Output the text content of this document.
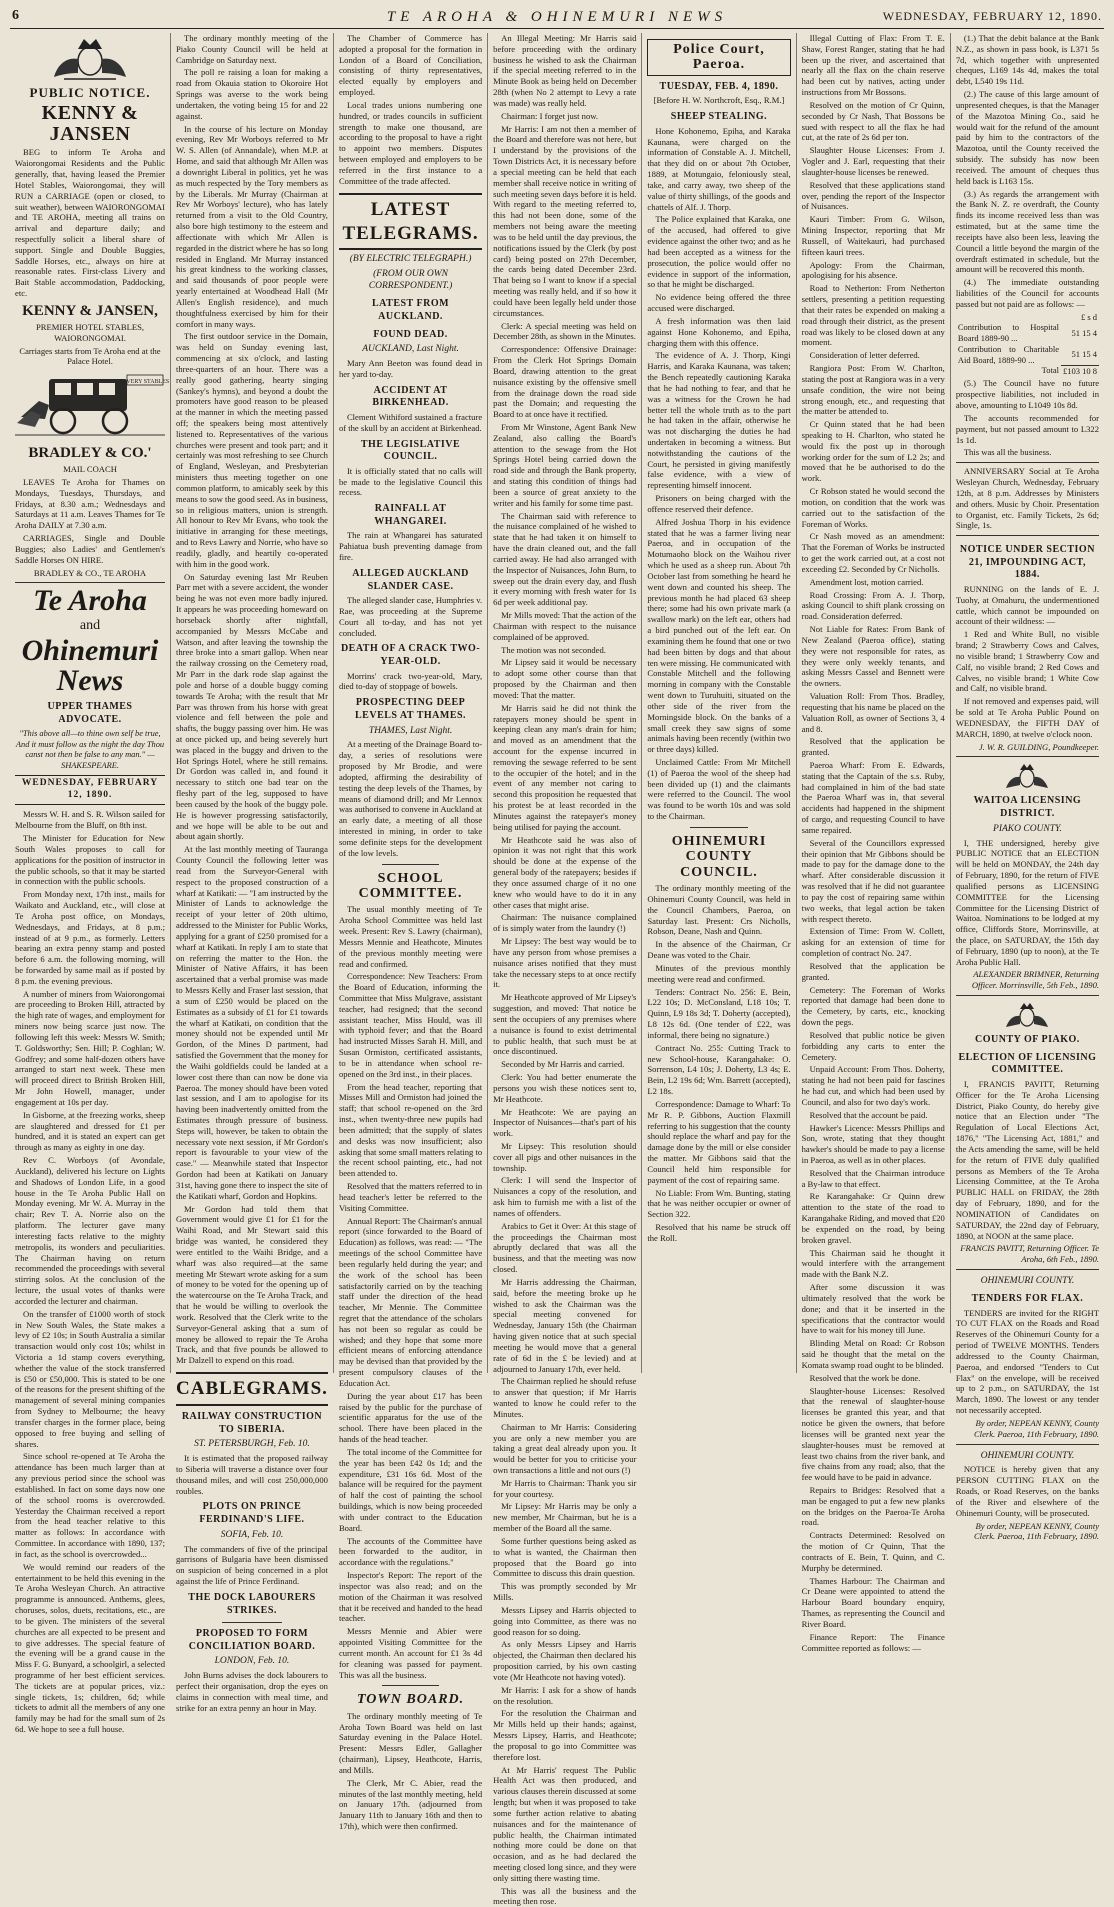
6	TE AROHA & OHINEMURI NEWS	WEDNESDAY, FEBRUARY 12, 1890.
PUBLIC NOTICE.
KENNY & JANSEN

BEG to inform Te Aroha and Waiorongomai Residents and the Public generally, that, having leased the Premier Hotel Stables, Waiorongomai, they will RUN a CARRIAGE (open or closed, to suit weather), between WAIORONGOMAI and TE AROHA, meeting all trains on arrival and departure daily; and respectfully solicit a liberal share of support. Single and Double Buggies, Saddle Horses, etc., always on hire at reasonable rates. First-class Livery and Bait Stable accommodation, Paddocking, etc.

KENNY & JANSEN,

PREMIER HOTEL STABLES, WAIORONGOMAI.

Carriages starts from Te Aroha end at the Palace Hotel.

LIVERY STABLES
BRADLEY & CO.'

MAIL COACH

LEAVES Te Aroha for Thames on Mondays, Tuesdays, Thursdays, and Fridays, at 8.30 a.m.; Wednesdays and Saturdays at 11 a.m. Leaves Thames for Te Aroha DAILY at 7.30 a.m.

CARRIAGES, Single and Double Buggies; also Ladies' and Gentlemen's Saddle Horses ON HIRE.

BRADLEY & CO., TE AROHA

Te Aroha
and
Ohinemuri News
UPPER THAMES ADVOCATE.
"This above all—to thine own self be true, And it must follow as the night the day Thou canst not then be false to any man." — SHAKESPEARE.
WEDNESDAY, FEBRUARY 12, 1890.

Messrs W. H. and S. R. Wilson sailed for Melbourne from the Bluff, on 8th inst.

The Minister for Education for New South Wales proposes to call for applications for the position of instructor in the public schools, so that it may be started in connection with the public schools.

From Monday next, 17th inst., mails for Waikato and Auckland, etc., will close at Te Aroha post office, on Mondays, Wednesdays, and Fridays, at 8 p.m.; instead of at 9 p.m., as formerly. Letters bearing an extra penny stamp and posted before 6 a.m. the following morning, will be forwarded by same mail as if posted by 8 p.m. the evening previous.

A number of miners from Waiorongomai are proceeding to Broken Hill, attracted by the high rate of wages, and employment for miners now being scarce just now. The following left this week: Messrs W. Smith; T. Goldsworthy; Sen. Hill; P. Coghlan; W. Godfrey; and some half-dozen others have arranged to start next week. These men will proceed direct to British Broken Hill, Mr John Howell, manager, under engagement at 10s per day.

In Gisborne, at the freezing works, sheep are slaughtered and dressed for £1 per hundred, and it is stated an expert can get through as many as eighty in one day.

Rev C. Worboys (of Avondale, Auckland), delivered his lecture on Lights and Shadows of London Life, in a good house in the Te Aroha Public Hall on Monday evening. Mr W. A. Murray in the chair; Rev T. A. Norrie also on the platform. The lecturer gave many interesting facts relative to the mighty metropolis, its wonders and peculiarities. The Chairman having on return recommended the proceedings with several stirring solos. At the conclusion of the lecture, the usual votes of thanks were accorded the lecturer and chairman.

On the transfer of £1000 worth of stock in New South Wales, the State makes a levy of £2 10s; in South Australia a similar transaction would only cost 10s; whilst in Victoria a 1d stamp covers everything, whether the value of the stock transferred is £50 or £50,000. This is stated to be one of the reasons for the present shifting of the management of several mining companies from Sydney to Melbourne; the heavy transfer charges in the former place, being opposed to free buying and selling of shares.

Since school re-opened at Te Aroha the attendance has been much larger than at any previous period since the school was established. In fact on some days now one of the school rooms is overcrowded. Yesterday the Chairman received a report from the head teacher relative to this matter as follows: In accordance with Committee. In accordance with 1890, 137; in fact, as the school is overcrowded...

We would remind our readers of the entertainment to be held this evening in the Te Aroha Wesleyan Church. An attractive programme is announced. Anthems, glees, choruses, solos, duets, recitations, etc., are to be given. The ministers of the several churches are all expected to be present and to give addresses. The special feature of the evening will be a grand cause in the Miss F. G. Bunyard, a schoolgirl, a selected programme of her best efficient services. The tickets are at popular prices, viz.: single tickets, 1s; children, 6d; while tickets to admit all the members of any one family may be had for the small sum of 2s 6d. We hope to see a full house.

The ordinary monthly meeting of the Piako County Council will be held at Cambridge on Saturday next.

The poll re raising a loan for making a road from Okauia station to Okoroire Hot Springs was averse to the work being undertaken, the voting being 15 for and 22 against.

In the course of his lecture on Monday evening, Rev Mr Worboys referred to Mr W. S. Allen (of Annandale), when M.P. at Home, and said that although Mr Allen was a downright Liberal in politics, yet he was as much respected by the Tory members as by the Liberals. Mr Murray (Chairman at Rev Mr Worboys' lecture), who has lately returned from a visit to the Old Country, also bore high testimony to the esteem and affectionate with which Mr Allen is regarded in the district where he has so long resided in England. Mr Murray instanced his great kindness to the working classes, and said thousands of poor people were yearly entertained at Woodhead Hall (Mr Allen's English residence), and much thoughtfulness exercised by him for their comfort in many ways.

The first outdoor service in the Domain, was held on Sunday evening last, commencing at six o'clock, and lasting three-quarters of an hour. There was a really good gathering, hearty singing (Sankey's hymns), and beyond a doubt the promoters have good reason to be pleased at the manner in which the meeting passed off; the speakers being most attentively listened to. Representatives of the various churches were present and took part; and it certainly was most refreshing to see Church of England, Wesleyan, and Presbyterian ministers thus meeting together on one common platform, to amicably seek by this means to sow the good seed. As in business, so in religious matters, union is strength. All honour to Rev Mr Evans, who took the initiative in arranging for these meetings, and to Revs Lawry and Norrie, who have so readily, gladly, and heartily co-operated with him in the good work.

On Saturday evening last Mr Reuben Parr met with a severe accident, the wonder being he was not even more badly injured. It appears he was proceeding homeward on horseback shortly after nightfall, accompanied by Messrs McCabe and Watson, and after leaving the township the three broke into a smart gallop. When near the railway crossing on the Cemetery road, Mr Parr in the dark rode slap against the pole and horse of a double buggy coming towards Te Aroha; with the result that Mr Parr was thrown from his horse with great violence and fell between the pole and shafts, the buggy passing over him. He was at once picked up, and being severely hurt was placed in the buggy and driven to the Hot Springs Hotel, where he still remains. Dr Gordon was called in, and found it necessary to stitch one bad tear on the fleshy part of the leg, supposed to have been caused by the hook of the buggy pole. He is however progressing satisfactorily, and we hope will be able to be out and about again shortly.

At the last monthly meeting of Tauranga County Council the following letter was read from the Surveyor-General with respect to the proposed construction of a wharf at Katikati: — "I am instructed by the Minister of Lands to acknowledge the receipt of your letter of 20th ultimo, addressed to the Minister for Public Works, applying for a grant of £250 promised for a wharf at Katikati. In reply I am to state that on referring the matter to the Hon. the Minister of Native Affairs, it has been ascertained that a verbal promise was made to Messrs Kelly and Fraser last session, that a sum of £250 would be placed on the Estimates as a subsidy of £1 for £1 towards the wharf at Katikati, on condition that the money should not be expended until Mr Gordon, of the Mines D partment, had satisfied the Government that the money for the Waihi goldfields could be landed at a lower cost there than can now be done via Paeroa. The money should have been voted last session, and I am to apologise for its having been inadvertently omitted from the Estimates through pressure of business. Steps will, however, be taken to obtain the necessary vote next session, if Mr Gordon's report is favourable to your view of the case." — Meanwhile stated that Inspector Gordon had been at Katikati on January 31st, having gone there to inspect the site of the Katikati wharf, Gordon and Hopkins.

Mr Gordon had told them that Government would give £1 for £1 for the Waihi Road, and Mr Stewart said this bridge was wanted, he considered they were entitled to the Waihi Bridge, and a wharf was also required—at the same meeting Mr Stewart wrote asking for a sum of money to be voted for the opening up of the watercourse on the Te Aroha Track, and that he would be willing to overlook the work. Resolved that the Clerk write to the Surveyor-General asking that a sum of money be allowed to repair the Te Aroha Track, and that five pounds be allowed to Mr Dalzell to expend on this road.

CABLEGRAMS.
RAILWAY CONSTRUCTION TO SIBERIA.
ST. PETERSBURGH, Feb. 10.

It is estimated that the proposed railway to Siberia will traverse a distance over four thousand miles, and will cost 250,000,000 roubles.

PLOTS ON PRINCE FERDINAND'S LIFE.
SOFIA, Feb. 10.

The commanders of five of the principal garrisons of Bulgaria have been dismissed on suspicion of being concerned in a plot against the life of Prince Ferdinand.

THE DOCK LABOURERS STRIKES.
PROPOSED TO FORM CONCILIATION BOARD.
LONDON, Feb. 10.

John Burns advises the dock labourers to perfect their organisation, drop the eyes on claims in connection with meal time, and strike for an extra penny an hour in May.

The Chamber of Commerce has adopted a proposal for the formation in London of a Board of Conciliation, consisting of thirty representatives, elected equally by employers and employed.

Local trades unions numbering one hundred, or trades councils in sufficient strength to make one thousand, are according to the proposal to have a right to appoint two members. Disputes between employed and employers to be referred in the first instance to a Committee of the trade affected.

LATEST TELEGRAMS.
(BY ELECTRIC TELEGRAPH.)
(FROM OUR OWN CORRESPONDENT.)
LATEST FROM AUCKLAND.
FOUND DEAD.
AUCKLAND, Last Night.

Mary Ann Beeton was found dead in her yard to-day.

ACCIDENT AT BIRKENHEAD.

Clement Withiford sustained a fracture of the skull by an accident at Birkenhead.

THE LEGISLATIVE COUNCIL.

It is officially stated that no calls will be made to the legislative Council this recess.

RAINFALL AT WHANGAREI.

The rain at Whangarei has saturated Pahiatua bush preventing damage from fire.

ALLEGED AUCKLAND SLANDER CASE.

The alleged slander case, Humphries v. Rae, was proceeding at the Supreme Court all to-day, and has not yet concluded.

DEATH OF A CRACK TWO-YEAR-OLD.

Morrins' crack two-year-old, Mary, died to-day of stoppage of bowels.

PROSPECTING DEEP LEVELS AT THAMES.
THAMES, Last Night.

At a meeting of the Drainage Board to-day, a series of resolutions were proposed by Mr Brodie, and were adopted, affirming the desirability of testing the deep levels of the Thames, by means of diamond drill; and Mr Lennox was authorised to convene in Auckland at an early date, a meeting of all those interested in mining, in order to take some definite steps for the development of the low levels.

SCHOOL COMMITTEE.

The usual monthly meeting of Te Aroha School Committee was held last week. Present: Rev S. Lawry (chairman), Messrs Mennie and Heathcote, Minutes of the previous monthly meeting were read and confirmed.

Correspondence: New Teachers: From the Board of Education, informing the Committee that Miss Mulgrave, assistant teacher, had resigned; that the second assistant teacher, Miss Hould, was ill with typhoid fever; and that the Board had instructed Misses Sarah H. Mill, and Susan Ormiston, certificated assistants, to be in attendance when school re-opened on the 3rd inst., in their places.

From the head teacher, reporting that Misses Mill and Ormiston had joined the staff; that school re-opened on the 3rd inst., when twenty-three new pupils had been admitted; that the supply of slates and desks was now insufficient; also asking that some small matters relating to the recent school painting, etc., had not been attended to.

Resolved that the matters referred to in head teacher's letter be referred to the Visiting Committee.

Annual Report: The Chairman's annual report (since forwarded to the Board of Education) as follows, was read: — "The meetings of the school Committee have been regularly held during the year; and the work of the school has been satisfactorily carried on by the teaching staff under the direction of the head teacher, Mr Mennie. The Committee regret that the attendance of the scholars has not been so regular as could be wished; and they hope that some more efficient means of enforcing attendance may be devised than that provided by the present compulsory clauses of the Education Act.

During the year about £17 has been raised by the public for the purchase of scientific apparatus for the use of the school. There have been placed in the hands of the head teacher.

The total income of the Committee for the year has been £42 0s 1d; and the expenditure, £31 16s 6d. Most of the balance will be required for the payment of half the cost of painting the school buildings, which is now being proceeded with under contract to the Education Board.

The accounts of the Committee have been forwarded to the auditor, in accordance with the regulations."

Inspector's Report: The report of the inspector was also read; and on the motion of the Chairman it was resolved that it be received and handed to the head teacher.

Messrs Mennie and Abier were appointed Visiting Committee for the current month. An account for £1 3s 4d for cleaning was passed for payment. This was all the business.

TOWN BOARD.

The ordinary monthly meeting of Te Aroha Town Board was held on last Saturday evening in the Palace Hotel. Present: Messrs Edler, Gallagher (chairman), Lipsey, Heathcote, Harris, and Mills.

The Clerk, Mr C. Abier, read the minutes of the last monthly meeting, held on January 17th. (adjourned from January 11th to January 16th and then to 17th), which were then confirmed.

An Illegal Meeting: Mr Harris said before proceeding with the ordinary business he wished to ask the Chairman if the special meeting referred to in the Minute Book as being held on December 28th (when No 2 attempt to Levy a rate was made) was really held.

Chairman: I forget just now.

Mr Harris: I am not then a member of the Board and therefore was not here, but I understand by the provisions of the Town Districts Act, it is necessary before a special meeting can be held that each member shall receive notice in writing of such meeting seven days before it is held. With regard to the meeting referred to, this had not been done, some of the members not being aware the meeting was to be held until the day previous, the notifications issued by the Clerk (by post card) being posted on 27th December, the cards being dated December 23rd. That being so I want to know if a special meeting was really held, and if so how it could have been legally held under those circumstances.

Clerk: A special meeting was held on December 28th, as shown in the Minutes.

Correspondence: Offensive Drainage: From the Clerk Hot Springs Domain Board, drawing attention to the great nuisance existing by the offensive smell from the drainage down the road side past the Domain; and requesting the Board to at once have it rectified.

From Mr Winstone, Agent Bank New Zealand, also calling the Board's attention to the sewage from the Hot Springs Hotel being carried down the road side and through the Bank property, and stating this condition of things had been a source of great anxiety to the writer and his family for some time past.

The Chairman said with reference to the nuisance complained of he wished to state that he had taken it on himself to have the drain cleaned out, and the fall carried away. He had also arranged with the Inspector of Nuisances, John Burn, to sweep out the drain every day, and flush it every morning with fresh water for 1s 6d per week additional pay.

Mr Mills moved: That the action of the Chairman with respect to the nuisance complained of be approved.

The motion was not seconded.

Mr Lipsey said it would be necessary to adopt some other course than that proposed by the Chairman and then moved: That the matter.

Mr Harris said he did not think the ratepayers money should be spent in keeping clean any man's drain for him; and moved as an amendment that the account for the expense incurred in removing the sewage referred to be sent to the occupier of the hotel; and in the event of any member not caring to second this proposition he requested that his protest be at least recorded in the Minutes against the ratepayer's money being utilised for paying the account.

Mr Heathcote said he was also of opinion it was not right that this work should be done at the expense of the general body of the ratepayers; besides if they once assumed charge of it no one knew who would have to do it in any other cases that might arise.

Chairman: The nuisance complained of is simply water from the laundry (!)

Mr Lipsey: The best way would be to have any person from whose premises a nuisance arises notified that they must take the necessary steps to at once rectify it.

Mr Heathcote approved of Mr Lipsey's suggestion, and moved: That notice be sent the occupiers of any premises where a nuisance is found to exist detrimental to public health, that such must be at once discontinued.

Seconded by Mr Harris and carried.

Clerk: You had better enumerate the persons you wish these notices sent to, Mr Heathcote.

Mr Heathcote: We are paying an Inspector of Nuisances—that's part of his work.

Mr Lipsey: This resolution should cover all pigs and other nuisances in the township.

Clerk: I will send the Inspector of Nuisances a copy of the resolution, and ask him to furnish me with a list of the names of offenders.

Arabics to Get it Over: At this stage of the proceedings the Chairman most abruptly declared that was all the business, and that the meeting was now closed.

Mr Harris addressing the Chairman, said, before the meeting broke up he wished to ask the Chairman was the special meeting convened for Wednesday, January 15th (the Chairman having given notice that at such special meeting he would move that a general rate of 6d in the £ be levied) and at adjourned to January 17th, ever held.

The Chairman replied he should refuse to answer that question; if Mr Harris wanted to know he could refer to the Minutes.

Chairman to Mr Harris: Considering you are only a new member you are taking a great deal already upon you. It would be better for you to criticise your own transactions a little and not ours (!)

Mr Harris to Chairman: Thank you sir for your courtesy.

Mr Lipsey: Mr Harris may be only a new member, Mr Chairman, but he is a member of the Board all the same.

Some further questions being asked as to what is wanted, the Chairman then proposed that the Board go into Committee to discuss this drain question.

This was promptly seconded by Mr Mills.

Messrs Lipsey and Harris objected to going into Committee, as there was no good reason for so doing.

As only Messrs Lipsey and Harris objected, the Chairman then declared his proposition carried, by his own casting vote (Mr Heathcote not having voted).

Mr Harris: I ask for a show of hands on the resolution.

For the resolution the Chairman and Mr Mills held up their hands; against, Messrs Lipsey, Harris, and Heathcote; the proposal to go into Committee was therefore lost.

At Mr Harris' request The Public Health Act was then produced, and various clauses therein discussed at some length; but when it was proposed to take some further action relative to abating nuisances and for the maintenance of public health, the Chairman intimated nothing more could be done on that occasion, and as he had declared the meeting closed long since, and they were only sitting there wasting time.

This was all the business and the meeting then rose.

Police Court, Paeroa.
TUESDAY, FEB. 4, 1890.

[Before H. W. Northcroft, Esq., R.M.]

SHEEP STEALING.

Hone Kohonemo, Epiha, and Karaka Kaunana, were charged on the information of Constable A. J. Mitchell, that they did on or about 7th October, 1889, at Motungaio, feloniously steal, take, and carry away, two sheep of the value of thirty shillings, of the goods and chattels of Alf. J. Thorp.

The Police explained that Karaka, one of the accused, had offered to give evidence against the other two; and as he had been accepted as a witness for the prosecution, the police would offer no evidence in support of the information, so that he might be discharged.

No evidence being offered the three accused were discharged.

A fresh information was then laid against Hone Kohonemo, and Epiha, charging them with this offence.

The evidence of A. J. Thorp, Kingi Harris, and Karaka Kaunana, was taken; the Bench repeatedly cautioning Karaka that he had nothing to fear, and that he was a witness for the Crown he had better tell the whole truth as to the part he had taken in the affair, otherwise he was not discharging the duties he had undertaken in becoming a witness. But notwithstanding the cautions of the Court, he persisted in giving manifestly false evidence, with a view of representing himself innocent.

Prisoners on being charged with the offence reserved their defence.

Alfred Joshua Thorp in his evidence stated that he was a farmer living near Paeroa, and in occupation of the Motumaoho block on the Waihou river which he used as a sheep run. About 7th October last from something he heard he went down and counted his sheep. The previous month he had placed 63 sheep there; some had his own private mark (a swallow mark) on the left ear, others had a bird punched out of the left ear. On examining them he found that one or two had been bitten by dogs and that about ten were missing. He communicated with Constable Mitchell and the following morning in company with the Constable went down to Turuhuiti, situated on the other side of the river from the Morningside block. On the banks of a small creek they saw signs of some animals having been recently (within two or three days) killed.

Unclaimed Cattle: From Mr Mitchell (1) of Paeroa the wool of the sheep had been divided up (1) and the claimants were referred to the Council. The wool was found to be worth 10s and was sold to the Chairman.

OHINEMURI COUNTY COUNCIL.

The ordinary monthly meeting of the Ohinemuri County Council, was held in the Council Chambers, Paeroa, on Saturday last. Present: Crs Nicholls, Robson, Deane, Nash and Quinn.

In the absence of the Chairman, Cr Deane was voted to the Chair.

Minutes of the previous monthly meeting were read and confirmed.

Tenders: Contract No. 256: E. Bein, L22 10s; D. McConsland, L18 10s; T. Quinn, L9 18s 3d; T. Doherty (accepted), L8 12s 6d. (One tender of £22, was informal, there being no signature.)

Contract No. 255: Cutting Track to new School-house, Karangahake: O. Sorrenson, L4 10s; J. Doherty, L3 4s; E. Bein, L2 19s 6d; Wm. Barrett (accepted), L2 18s.

Correspondence: Damage to Wharf: To Mr R. P. Gibbons, Auction Flaxmill referring to his suggestion that the county should replace the wharf and pay for the damage done by the mill or else consider the matter. Mr Gibbons said that the Council held him responsible for payment of the cost of repairing same.

No Liable: From Wm. Bunting, stating that he was neither occupier or owner of Section 322.

Resolved that his name be struck off the Roll.

Illegal Cutting of Flax: From T. E. Shaw, Forest Ranger, stating that he had been up the river, and ascertained that nearly all the flax on the chain reserve had been cut by natives, acting under instructions from Mr Bossons.

Resolved on the motion of Cr Quinn, seconded by Cr Nash, That Bossons be sued with respect to all the flax he had cut, at the rate of 2s 6d per ton.

Slaughter House Licenses: From J. Vogler and J. Earl, requesting that their slaughter-house licenses be renewed.

Resolved that these applications stand over, pending the report of the Inspector of Nuisances.

Kauri Timber: From G. Wilson, Mining Inspector, reporting that Mr Russell, of Waitekauri, had purchased fifteen kauri trees.

Apology: From the Chairman, apologising for his absence.

Road to Netherton: From Netherton settlers, presenting a petition requesting that their rates be expended on making a road through their district, as the present road was likely to be closed down at any moment.

Consideration of letter deferred.

Rangiora Post: From W. Charlton, stating the post at Rangiora was in a very unsafe condition, the wire not being strong enough, etc., and requesting that the matter be attended to.

Cr Quinn stated that he had been speaking to H. Charlton, who stated he would fix the post up in thorough working order for the sum of L2 2s; and moved that he be authorised to do the work.

Cr Robson stated he would second the motion, on condition that the work was carried out to the satisfaction of the Foreman of Works.

Cr Nash moved as an amendment: That the Foreman of Works be instructed to get the work carried out, at a cost not exceeding £2. Seconded by Cr Nicholls.

Amendment lost, motion carried.

Road Crossing: From A. J. Thorp, asking Council to shift plank crossing on road. Consideration deferred.

Not Liable for Rates: From Bank of New Zealand (Paeroa office), stating they were not responsible for rates, as they were only weekly tenants, and asking Messrs Cassel and Bennett were the owners.

Valuation Roll: From Thos. Bradley, requesting that his name be placed on the Valuation Roll, as owner of Sections 3, 4 and 8.

Resolved that the application be granted.

Paeroa Wharf: From E. Edwards, stating that the Captain of the s.s. Ruby, had complained in him of the bad state the Paeroa Wharf was in, that several accidents had happened in the shipment of cargo, and requesting Council to have same repaired.

Several of the Councillors expressed their opinion that Mr Gibbons should be made to pay for the damage done to the wharf. After considerable discussion it was resolved that if he did not guarantee to pay the cost of repairing same within two weeks, that legal action be taken with respect thereto.

Extension of Time: From W. Collett, asking for an extension of time for completion of contract No. 247.

Resolved that the application be granted.

Cemetery: The Foreman of Works reported that damage had been done to the Cemetery, by carts, etc., knocking down the pegs.

Resolved that public notice be given forbidding any carts to enter the Cemetery.

Unpaid Account: From Thos. Doherty, stating he had not been paid for fascines he had cut, and which had been used by Council, and also for two day's work.

Resolved that the account be paid.

Hawker's Licence: Messrs Phillips and Son, wrote, stating that they thought hawker's should be made to pay a license in Paeroa, as well as in other places.

Resolved that the Chairman introduce a By-law to that effect.

Re Karangahake: Cr Quinn drew attention to the state of the road to Karangahake Riding, and moved that £20 be expended on the road, by being broken gravel.

This Chairman said he thought it would interfere with the arrangement made with the Bank N.Z.

After some discussion it was ultimately resolved that the work be done; and that it be inserted in the specifications that the contractor would have to wait for his money till June.

Blinding Metal on Road: Cr Robson said he thought that the metal on the Komata swamp road ought to be blinded.

Resolved that the work be done.

Slaughter-house Licenses: Resolved that the renewal of slaughter-house licenses be granted this year, and that notice be given the owners, that before licenses will be granted next year the slaughter-houses must be removed at least two chains from the river bank, and five chains from any road; also, that the fee would have to be paid in advance.

Repairs to Bridges: Resolved that a man be engaged to put a few new planks on the bridges on the Paeroa-Te Aroha road.

Contracts Determined: Resolved on the motion of Cr Quinn, That the contracts of E. Bein, T. Quinn, and C. Murphy be determined.

Thames Harbour: The Chairman and Cr Deane were appointed to attend the Harbour Board boundary enquiry, Thames, as representing the Council and River Board.

Finance Report: The Finance Committee reported as follows: —

(1.) That the debit balance at the Bank N.Z., as shown in pass book, is L371 5s 7d, which together with unpresented cheques, L169 14s 4d, makes the total debt, L540 19s 11d.

(2.) The cause of this large amount of unpresented cheques, is that the Manager of the Mazotoa Mining Co., said he would wait for the refund of the amount paid by him to the contractors of the Mazotoa, until the County received the subsidy. The subsidy has now been received. The amount of cheques thus held back is L163 15s.

(3.) As regards the arrangement with the Bank N. Z. re overdraft, the County finds its income received less than was estimated, but at the same time the receipts have also been less, leaving the Council a little beyond the margin of the overdraft estimated in schedule, but the amount will be recovered this month.

(4.) The immediate outstanding liabilities of the Council for accounts passed but not paid are as follows: —

	£ s d
Contribution to Hospital Board 1889-90 ...	51 15 4
Contribution to Charitable Aid Board, 1889-90 ...	51 15 4
Total	£103 10 8

(5.) The Council have no future prospective liabilities, not included in above, amounting to L1049 10s 8d.

The accounts recommended for payment, but not passed amount to L322 1s 1d.

This was all the business.

ANNIVERSARY Social at Te Aroha Wesleyan Church, Wednesday, February 12th, at 8 p.m. Addresses by Ministers and others. Music by Choir. Presentation to Organist, etc. Family Tickets, 2s 6d; Single, 1s.

NOTICE UNDER SECTION 21, IMPOUNDING ACT, 1884.

RUNNING on the lands of E. J. Tuohy, at Omahuru, the undermentioned cattle, which cannot be impounded on account of their wildness: —

1 Red and White Bull, no visible brand; 2 Strawberry Cows and Calves, no visible brand; 1 Strawberry Cow and Calf, no visible brand; 2 Red Cows and Calves, no visible brand; 1 White Cow and Calf, no visible brand.

If not removed and expenses paid, will be sold at Te Aroha Public Pound on WEDNESDAY, the FIFTH DAY of MARCH, 1890, at twelve o'clock noon.

J. W. R. GUILDING, Poundkeeper.

WAITOA LICENSING DISTRICT.
PIAKO COUNTY.

I, THE undersigned, hereby give PUBLIC NOTICE that an ELECTION will be held on MONDAY, the 24th day of February, 1890, for the return of FIVE qualified persons as LICENSING COMMITTEE for the Licensing Committee for the Licensing District of Waitoa. Nominations to be lodged at my office, Cliffords Store, Morrinsville, at the place, on SATURDAY, the 15th day of February, 1890 (up to noon), at the Te Aroha Public Hall.

ALEXANDER BRIMNER, Returning Officer. Morrinsville, 5th Feb., 1890.

COUNTY OF PIAKO.
ELECTION OF LICENSING COMMITTEE.

I, FRANCIS PAVITT, Returning Officer for the Te Aroha Licensing District, Piako County, do hereby give notice that an Election under "The Regulation of Local Elections Act, 1876," "The Licensing Act, 1881," and the Acts amending the same, will be held for the return of FIVE duly qualified persons as Members of the Te Aroha Licensing Committee, at the Te Aroha PUBLIC HALL on FRIDAY, the 28th day of February, 1890, and for the NOMINATION of Candidates on SATURDAY, the 22nd day of February, 1890, at NOON at the same place.

FRANCIS PAVITT, Returning Officer. Te Aroha, 6th Feb., 1890.

OHINEMURI COUNTY.
TENDERS FOR FLAX.

TENDERS are invited for the RIGHT TO CUT FLAX on the Roads and Road Reserves of the Ohinemuri County for a period of TWELVE MONTHS. Tenders addressed to the County Chairman, Paeroa, and endorsed "Tenders to Cut Flax" on the envelope, will be received up to 2 p.m., on SATURDAY, the 1st March, 1890. The lowest or any tender not necessarily accepted.

By order, NEPEAN KENNY, County Clerk. Paeroa, 11th February, 1890.

OHINEMURI COUNTY.

NOTICE is hereby given that any PERSON CUTTING FLAX on the Roads, or Road Reserves, on the banks of the River and elsewhere of the Ohinemuri County, will be prosecuted.

By order, NEPEAN KENNY, County Clerk. Paeroa, 11th February, 1890.
